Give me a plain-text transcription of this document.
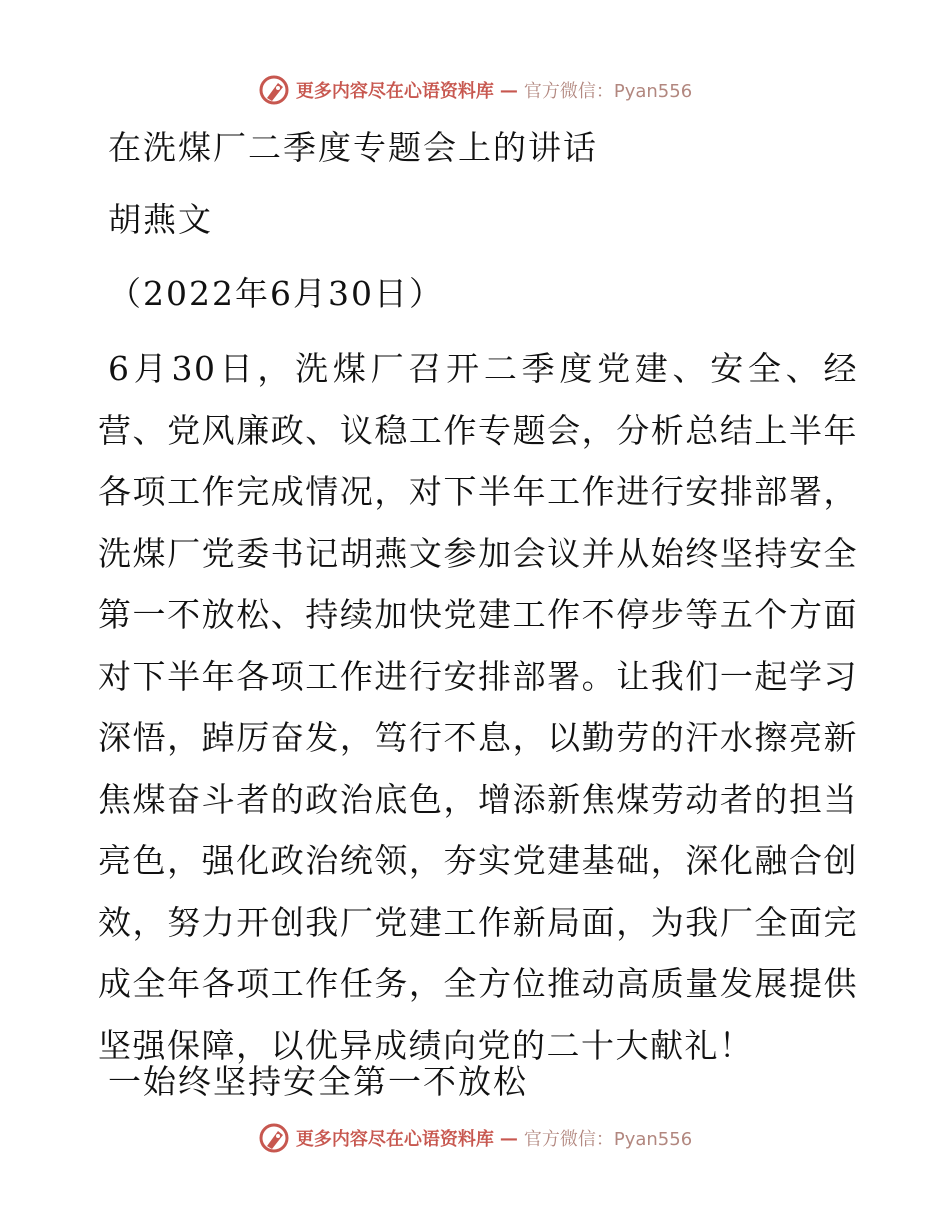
更多内容尽在心语资料库 — 官方微信：Pyan556
在洗煤厂二季度专题会上的讲话
胡燕文
（2022年6月30日）
6月30日，洗煤厂召开二季度党建、安全、经营、党风廉政、议稳工作专题会，分析总结上半年各项工作完成情况，对下半年工作进行安排部署，洗煤厂党委书记胡燕文参加会议并从始终坚持安全第一不放松、持续加快党建工作不停步等五个方面对下半年各项工作进行安排部署。让我们一起学习深悟，踔厉奋发，笃行不息，以勤劳的汗水擦亮新焦煤奋斗者的政治底色，增添新焦煤劳动者的担当亮色，强化政治统领，夯实党建基础，深化融合创效，努力开创我厂党建工作新局面，为我厂全面完成全年各项工作任务，全方位推动高质量发展提供坚强保障，以优异成绩向党的二十大献礼！
一始终坚持安全第一不放松
更多内容尽在心语资料库 — 官方微信：Pyan556
